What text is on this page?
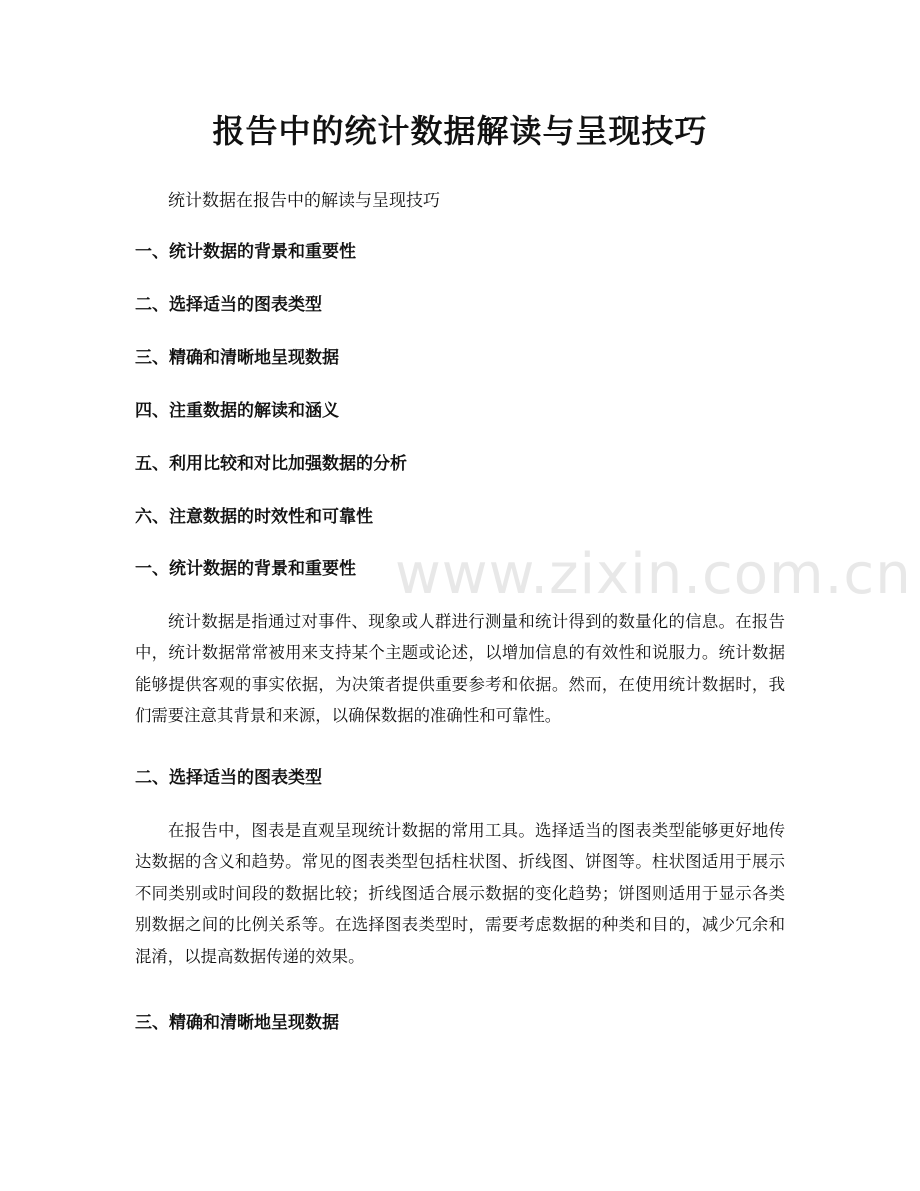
报告中的统计数据解读与呈现技巧

统计数据在报告中的解读与呈现技巧

一、统计数据的背景和重要性

二、选择适当的图表类型

三、精确和清晰地呈现数据

四、注重数据的解读和涵义

五、利用比较和对比加强数据的分析

六、注意数据的时效性和可靠性

一、统计数据的背景和重要性

统计数据是指通过对事件、现象或人群进行测量和统计得到的数量化的信息。在报告中，统计数据常常被用来支持某个主题或论述，以增加信息的有效性和说服力。统计数据能够提供客观的事实依据，为决策者提供重要参考和依据。然而，在使用统计数据时，我们需要注意其背景和来源，以确保数据的准确性和可靠性。

二、选择适当的图表类型

在报告中，图表是直观呈现统计数据的常用工具。选择适当的图表类型能够更好地传达数据的含义和趋势。常见的图表类型包括柱状图、折线图、饼图等。柱状图适用于展示不同类别或时间段的数据比较；折线图适合展示数据的变化趋势；饼图则适用于显示各类别数据之间的比例关系等。在选择图表类型时，需要考虑数据的种类和目的，减少冗余和混淆，以提高数据传递的效果。

三、精确和清晰地呈现数据

www.zixin.com.cn
